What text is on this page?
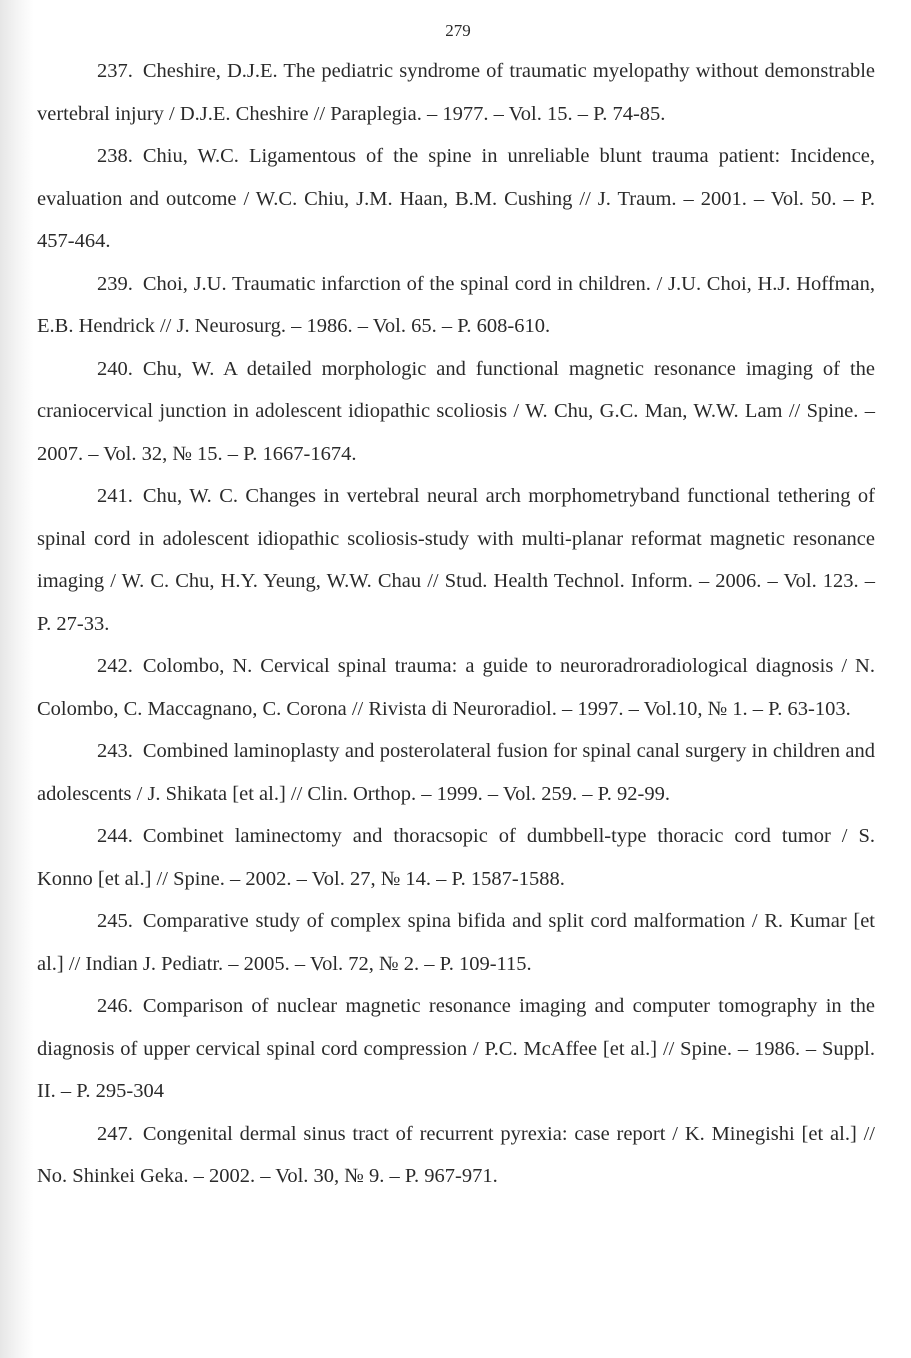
279

237. Cheshire, D.J.E. The pediatric syndrome of traumatic myelopathy without demonstrable vertebral injury / D.J.E. Cheshire // Paraplegia. – 1977. – Vol. 15. – P. 74-85.

238. Chiu, W.C. Ligamentous of the spine in unreliable blunt trauma patient: Incidence, evaluation and outcome / W.C. Chiu, J.M. Haan, B.M. Cushing // J. Traum. – 2001. – Vol. 50. – P. 457-464.

239. Choi, J.U. Traumatic infarction of the spinal cord in children. / J.U. Choi, H.J. Hoffman, E.B. Hendrick // J. Neurosurg. – 1986. – Vol. 65. – P. 608-610.

240. Chu, W. A detailed morphologic and functional magnetic resonance imaging of the craniocervical junction in adolescent idiopathic scoliosis / W. Chu, G.C. Man, W.W. Lam // Spine. – 2007. – Vol. 32, № 15. – P. 1667-1674.

241. Chu, W. C. Changes in vertebral neural arch morphometryband functional tethering of spinal cord in adolescent idiopathic scoliosis-study with multi-planar reformat magnetic resonance imaging / W. C. Chu, H.Y. Yeung, W.W. Chau // Stud. Health Technol. Inform. – 2006. – Vol. 123. – P. 27-33.

242. Colombo, N. Cervical spinal trauma: a guide to neuroradroradiological diagnosis / N. Colombo, C. Maccagnano, C. Corona // Rivista di Neuroradiol. – 1997. – Vol.10, № 1. – P. 63-103.

243. Combined laminoplasty and posterolateral fusion for spinal canal surgery in children and adolescents / J. Shikata [et al.] // Clin. Orthop. – 1999. – Vol. 259. – P. 92-99.

244. Combinet laminectomy and thoracsopic of dumbbell-type thoracic cord tumor / S. Konno [et al.] // Spine. – 2002. – Vol. 27, № 14. – P. 1587-1588.

245. Comparative study of complex spina bifida and split cord malformation / R. Kumar [et al.] // Indian J. Pediatr. – 2005. – Vol. 72, № 2. – P. 109-115.

246. Comparison of nuclear magnetic resonance imaging and computer tomography in the diagnosis of upper cervical spinal cord compression / P.C. McAffee [et al.] // Spine. – 1986. – Suppl. II. – P. 295-304

247. Congenital dermal sinus tract of recurrent pyrexia: case report / K. Minegishi [et al.] // No. Shinkei Geka. – 2002. – Vol. 30, № 9. – P. 967-971.
